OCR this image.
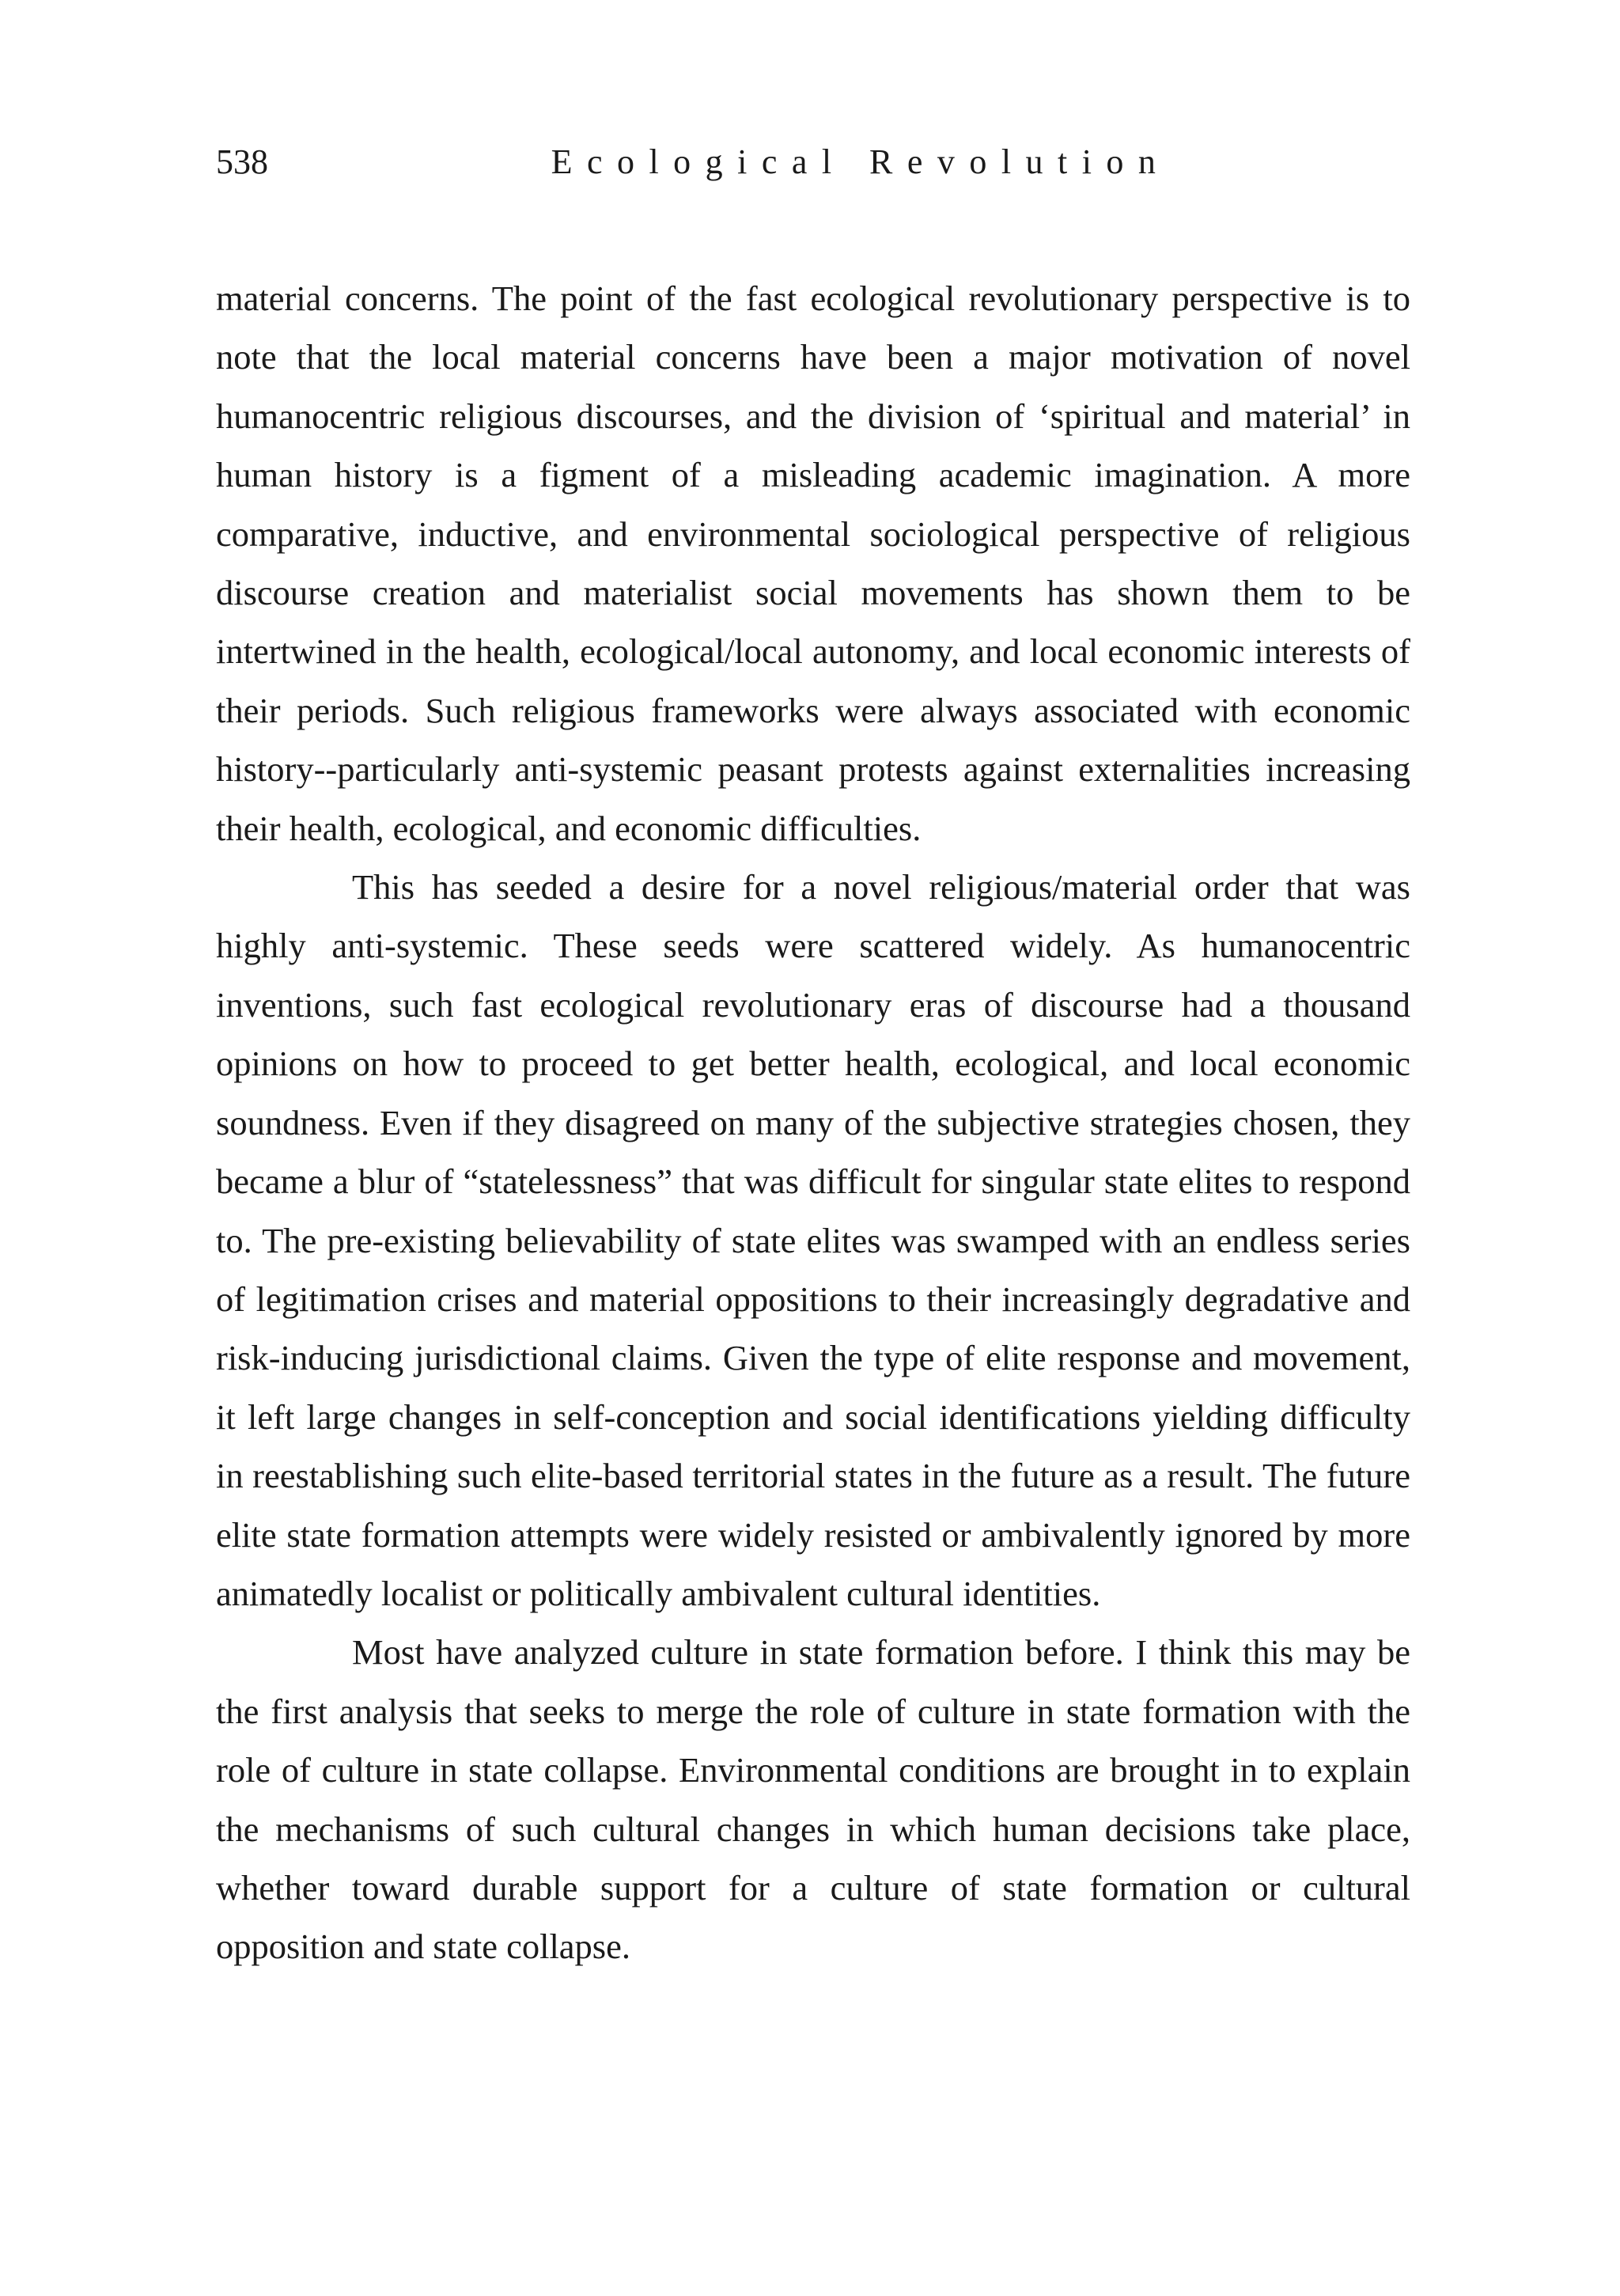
538	Ecological Revolution

material concerns. The point of the fast ecological revolutionary perspective is to note that the local material concerns have been a major motivation of novel humanocentric religious discourses, and the division of ‘spiritual and material’ in human history is a figment of a misleading academic imagination. A more comparative, inductive, and environmental sociological perspective of religious discourse creation and materialist social movements has shown them to be intertwined in the health, ecological/local autonomy, and local economic interests of their periods. Such religious frameworks were always associated with economic history--particularly anti-systemic peasant protests against externalities increasing their health, ecological, and economic difficulties.

This has seeded a desire for a novel religious/material order that was highly anti-systemic. These seeds were scattered widely. As humanocentric inventions, such fast ecological revolutionary eras of discourse had a thousand opinions on how to proceed to get better health, ecological, and local economic soundness. Even if they disagreed on many of the subjective strategies chosen, they became a blur of “statelessness” that was difficult for singular state elites to respond to. The pre-existing believability of state elites was swamped with an endless series of legitimation crises and material oppositions to their increasingly degradative and risk-inducing jurisdictional claims. Given the type of elite response and movement, it left large changes in self-conception and social identifications yielding difficulty in reestablishing such elite-based territorial states in the future as a result. The future elite state formation attempts were widely resisted or ambivalently ignored by more animatedly localist or politically ambivalent cultural identities.

Most have analyzed culture in state formation before. I think this may be the first analysis that seeks to merge the role of culture in state formation with the role of culture in state collapse. Environmental conditions are brought in to explain the mechanisms of such cultural changes in which human decisions take place, whether toward durable support for a culture of state formation or cultural opposition and state collapse.
